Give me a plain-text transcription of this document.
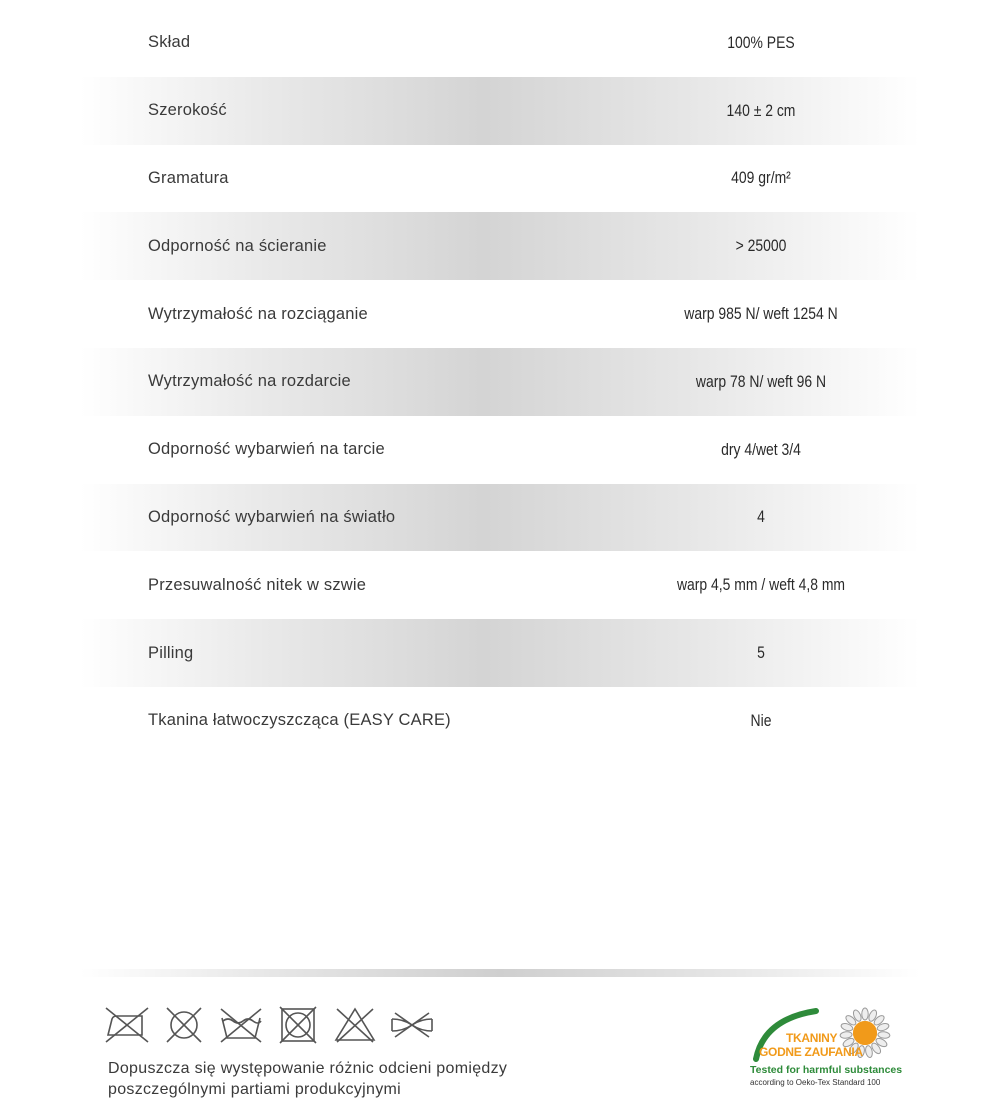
Skład	100% PES
Szerokość	140 ± 2 cm
Gramatura	409 gr/m²
Odporność na ścieranie	> 25000
Wytrzymałość na rozciąganie	warp 985 N/ weft 1254 N
Wytrzymałość na rozdarcie	warp 78 N/ weft 96 N
Odporność wybarwień na tarcie	dry 4/wet 3/4
Odporność wybarwień na światło	4
Przesuwalność nitek w szwie	warp 4,5 mm / weft 4,8 mm
Pilling	5
Tkanina łatwoczyszcząca (EASY CARE)	Nie
Dopuszcza się występowanie różnic odcieni pomiędzy
poszczególnymi partiami produkcyjnymi
TKANINY
GODNE ZAUFANIA
Tested for harmful substances
according to Oeko-Tex Standard 100
